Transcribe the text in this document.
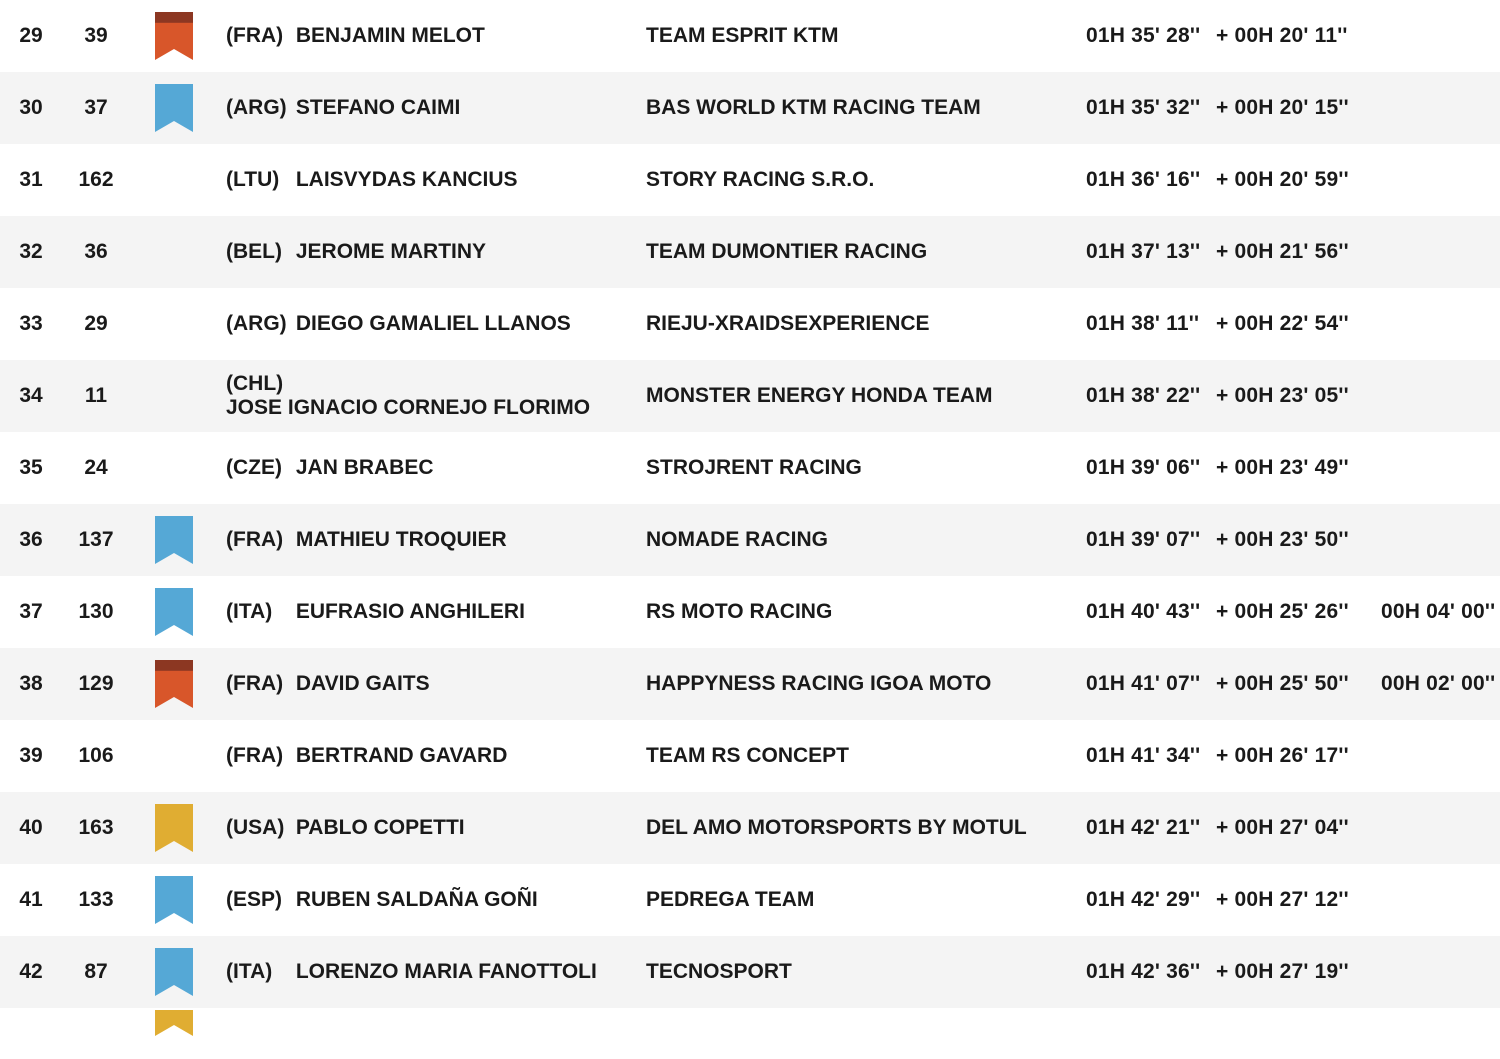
29	39		(FRA) BENJAMIN MELOT	TEAM ESPRIT KTM	01H 35' 28''	+ 00H 20' 11''	
30	37		(ARG) STEFANO CAIMI	BAS WORLD KTM RACING TEAM	01H 35' 32''	+ 00H 20' 15''	
31	162		(LTU) LAISVYDAS KANCIUS	STORY RACING S.R.O.	01H 36' 16''	+ 00H 20' 59''	
32	36		(BEL) JEROME MARTINY	TEAM DUMONTIER RACING	01H 37' 13''	+ 00H 21' 56''	
33	29		(ARG) DIEGO GAMALIEL LLANOS	RIEJU-XRAIDSEXPERIENCE	01H 38' 11''	+ 00H 22' 54''	
34	11		(CHL) JOSE IGNACIO CORNEJO FLORIMO	MONSTER ENERGY HONDA TEAM	01H 38' 22''	+ 00H 23' 05''	
35	24		(CZE) JAN BRABEC	STROJRENT RACING	01H 39' 06''	+ 00H 23' 49''	
36	137		(FRA) MATHIEU TROQUIER	NOMADE RACING	01H 39' 07''	+ 00H 23' 50''	
37	130		(ITA) EUFRASIO ANGHILERI	RS MOTO RACING	01H 40' 43''	+ 00H 25' 26''	00H 04' 00''
38	129		(FRA) DAVID GAITS	HAPPYNESS RACING IGOA MOTO	01H 41' 07''	+ 00H 25' 50''	00H 02' 00''
39	106		(FRA) BERTRAND GAVARD	TEAM RS CONCEPT	01H 41' 34''	+ 00H 26' 17''	
40	163		(USA) PABLO COPETTI	DEL AMO MOTORSPORTS BY MOTUL	01H 42' 21''	+ 00H 27' 04''	
41	133		(ESP) RUBEN SALDAÑA GOÑI	PEDREGA TEAM	01H 42' 29''	+ 00H 27' 12''	
42	87		(ITA) LORENZO MARIA FANOTTOLI	TECNOSPORT	01H 42' 36''	+ 00H 27' 19''	
